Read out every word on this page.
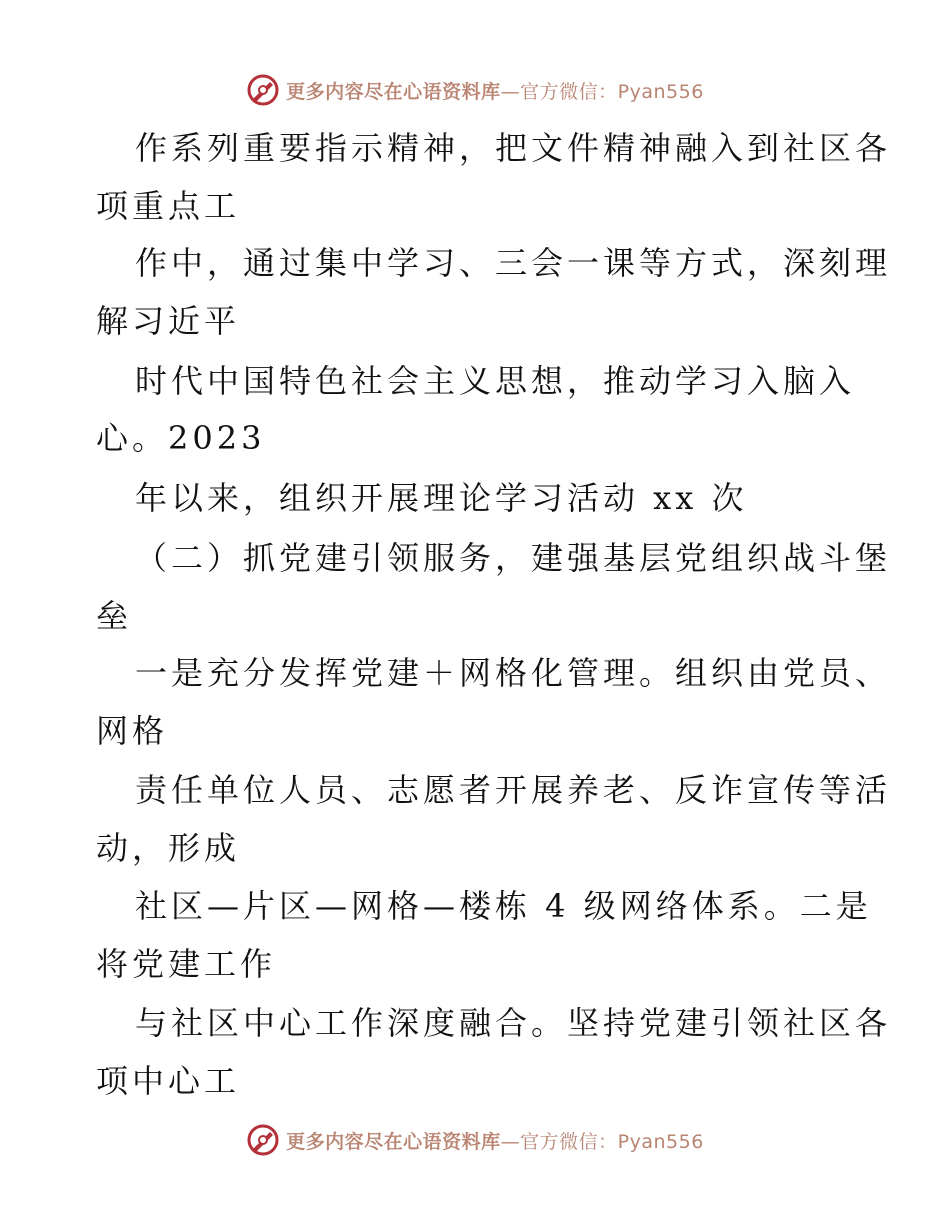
更多内容尽在心语资料库—官方微信：Pyan556
作系列重要指示精神，把文件精神融入到社区各
项重点工
作中，通过集中学习、三会一课等方式，深刻理
解习近平
时代中国特色社会主义思想，推动学习入脑入
心。2023
年以来，组织开展理论学习活动 xx 次
（二）抓党建引领服务，建强基层党组织战斗堡
垒
一是充分发挥党建＋网格化管理。组织由党员、
网格
责任单位人员、志愿者开展养老、反诈宣传等活
动，形成
社区—片区—网格—楼栋 4 级网络体系。二是
将党建工作
与社区中心工作深度融合。坚持党建引领社区各
项中心工
更多内容尽在心语资料库—官方微信：Pyan556
